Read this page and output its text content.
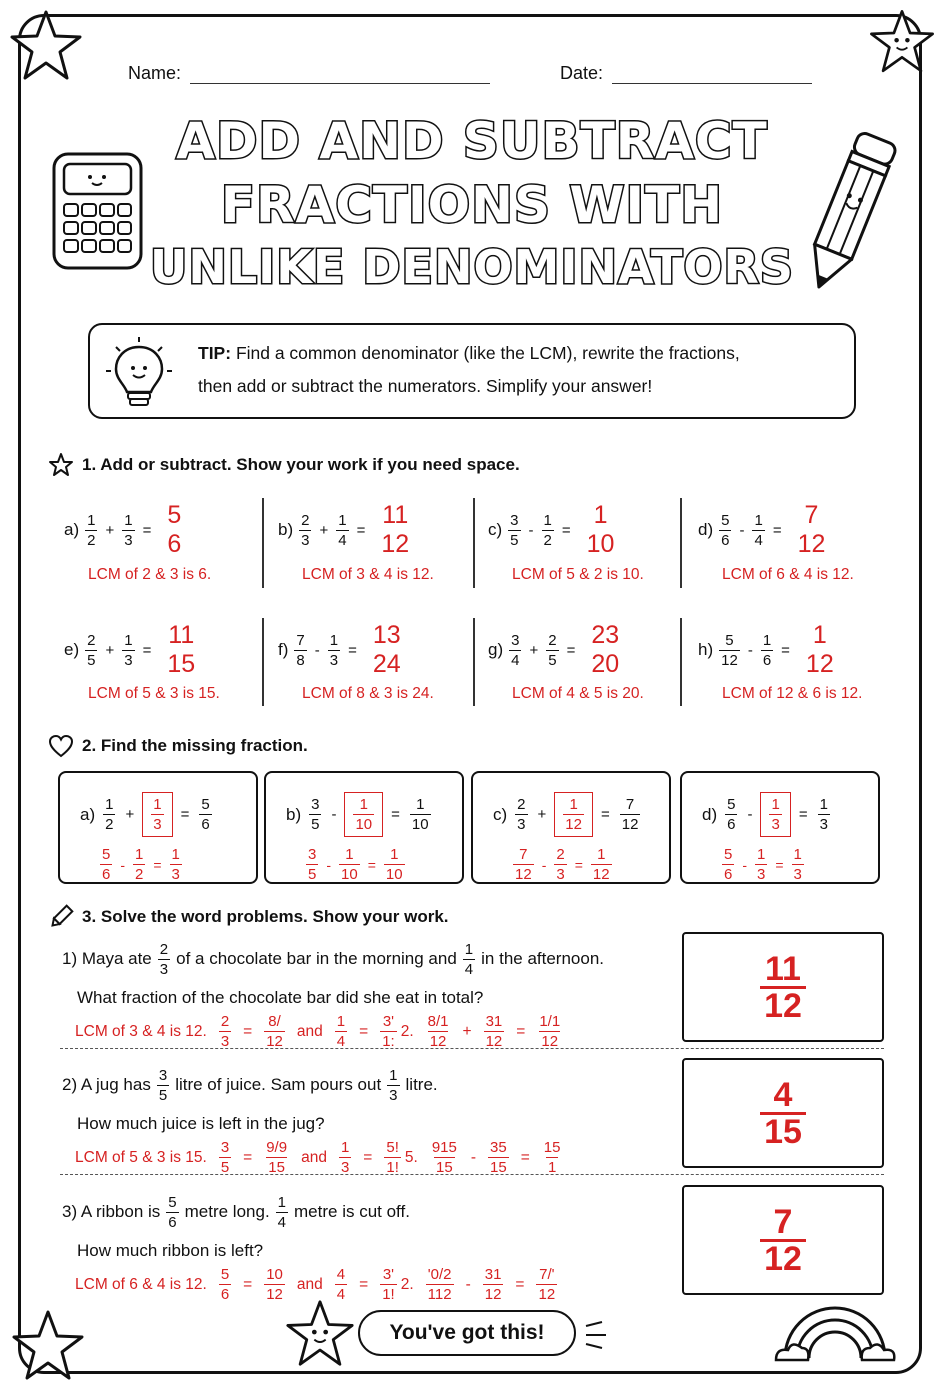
Name:	Date:
ADD AND SUBTRACT
FRACTIONS WITH
UNLIKE DENOMINATORS
TIP: Find a common denominator (like the LCM), rewrite the fractions,
then add or subtract the numerators. Simplify your answer!
1. Add or subtract. Show your work if you need space.
$a) \frac{1}{2} + \frac{1}{3}$ =
5
6
LCM of 2 & 3 is 6.
$b) \frac{2}{3} + \frac{1}{4}$ =
11
12
LCM of 3 & 4 is 12.
$c) \frac{3}{5} - \frac{1}{2}$ =
1
10
LCM of 5 & 2 is 10.
$d) \frac{5}{6} - \frac{1}{4}$ =
7
12
LCM of 6 & 4 is 12.
$e) \frac{2}{5} + \frac{1}{3}$ =
11
15
LCM of 5 & 3 is 15.
$f) \frac{7}{8} - \frac{1}{3}$ =
13
24
LCM of 8 & 3 is 24.
$g) \frac{3}{4} + \frac{2}{5}$ =
23
20
LCM of 4 & 5 is 20.
$h) \frac{5}{12} - \frac{1}{6}$ =
1
12
LCM of 12 & 6 is 12.
2. Find the missing fraction.
$a) \frac{1}{2} + \frac{1}{3} = \frac{5}{6}$
$\frac{5}{6} - \frac{1}{2} = \frac{1}{3}$
$b) \frac{3}{5} - \frac{1}{10} = \frac{1}{10}$
$\frac{3}{5} - \frac{1}{10} = \frac{1}{10}$
$c) \frac{2}{3} + \frac{1}{12} = \frac{7}{12}$
$\frac{7}{12} - \frac{2}{3} = \frac{1}{12}$
$d) \frac{5}{6} - \frac{1}{3} = \frac{1}{3}$
$\frac{5}{6} - \frac{1}{3} = \frac{1}{3}$
3. Solve the word problems. Show your work.
1) Maya ate $\frac{2}{3}$ of a chocolate bar in the morning and $\frac{1}{4}$ in the afternoon.
What fraction of the chocolate bar did she eat in total?
LCM of 3 & 4 is 12. $\frac{2}{3} = \frac{8/}{12}$ and $\frac{1}{4} = \frac{3'}{1:} 2$. $\frac{8/1}{12} + \frac{31}{12} = \frac{1/1}{12}$
$\frac{11}{12}$
2) A jug has $\frac{3}{5}$ litre of juice. Sam pours out $\frac{1}{3}$ litre.
How much juice is left in the jug?
LCM of 5 & 3 is 15. $\frac{3}{5} = \frac{9/9}{15}$ and $\frac{1}{3} = \frac{5!}{1!} 5$. $\frac{915}{15} - \frac{35}{15} = \frac{15}{1}$
$\frac{4}{15}$
3) A ribbon is $\frac{5}{6}$ metre long. $\frac{1}{4}$ metre is cut off.
How much ribbon is left?
LCM of 6 & 4 is 12. $\frac{5}{6} = \frac{10}{12}$ and $\frac{4}{4} = \frac{3'}{1!} 2$. $\frac{'0/2}{112} - \frac{31}{12} = \frac{7/'}{12}$
$\frac{7}{12}$
You've got this!
